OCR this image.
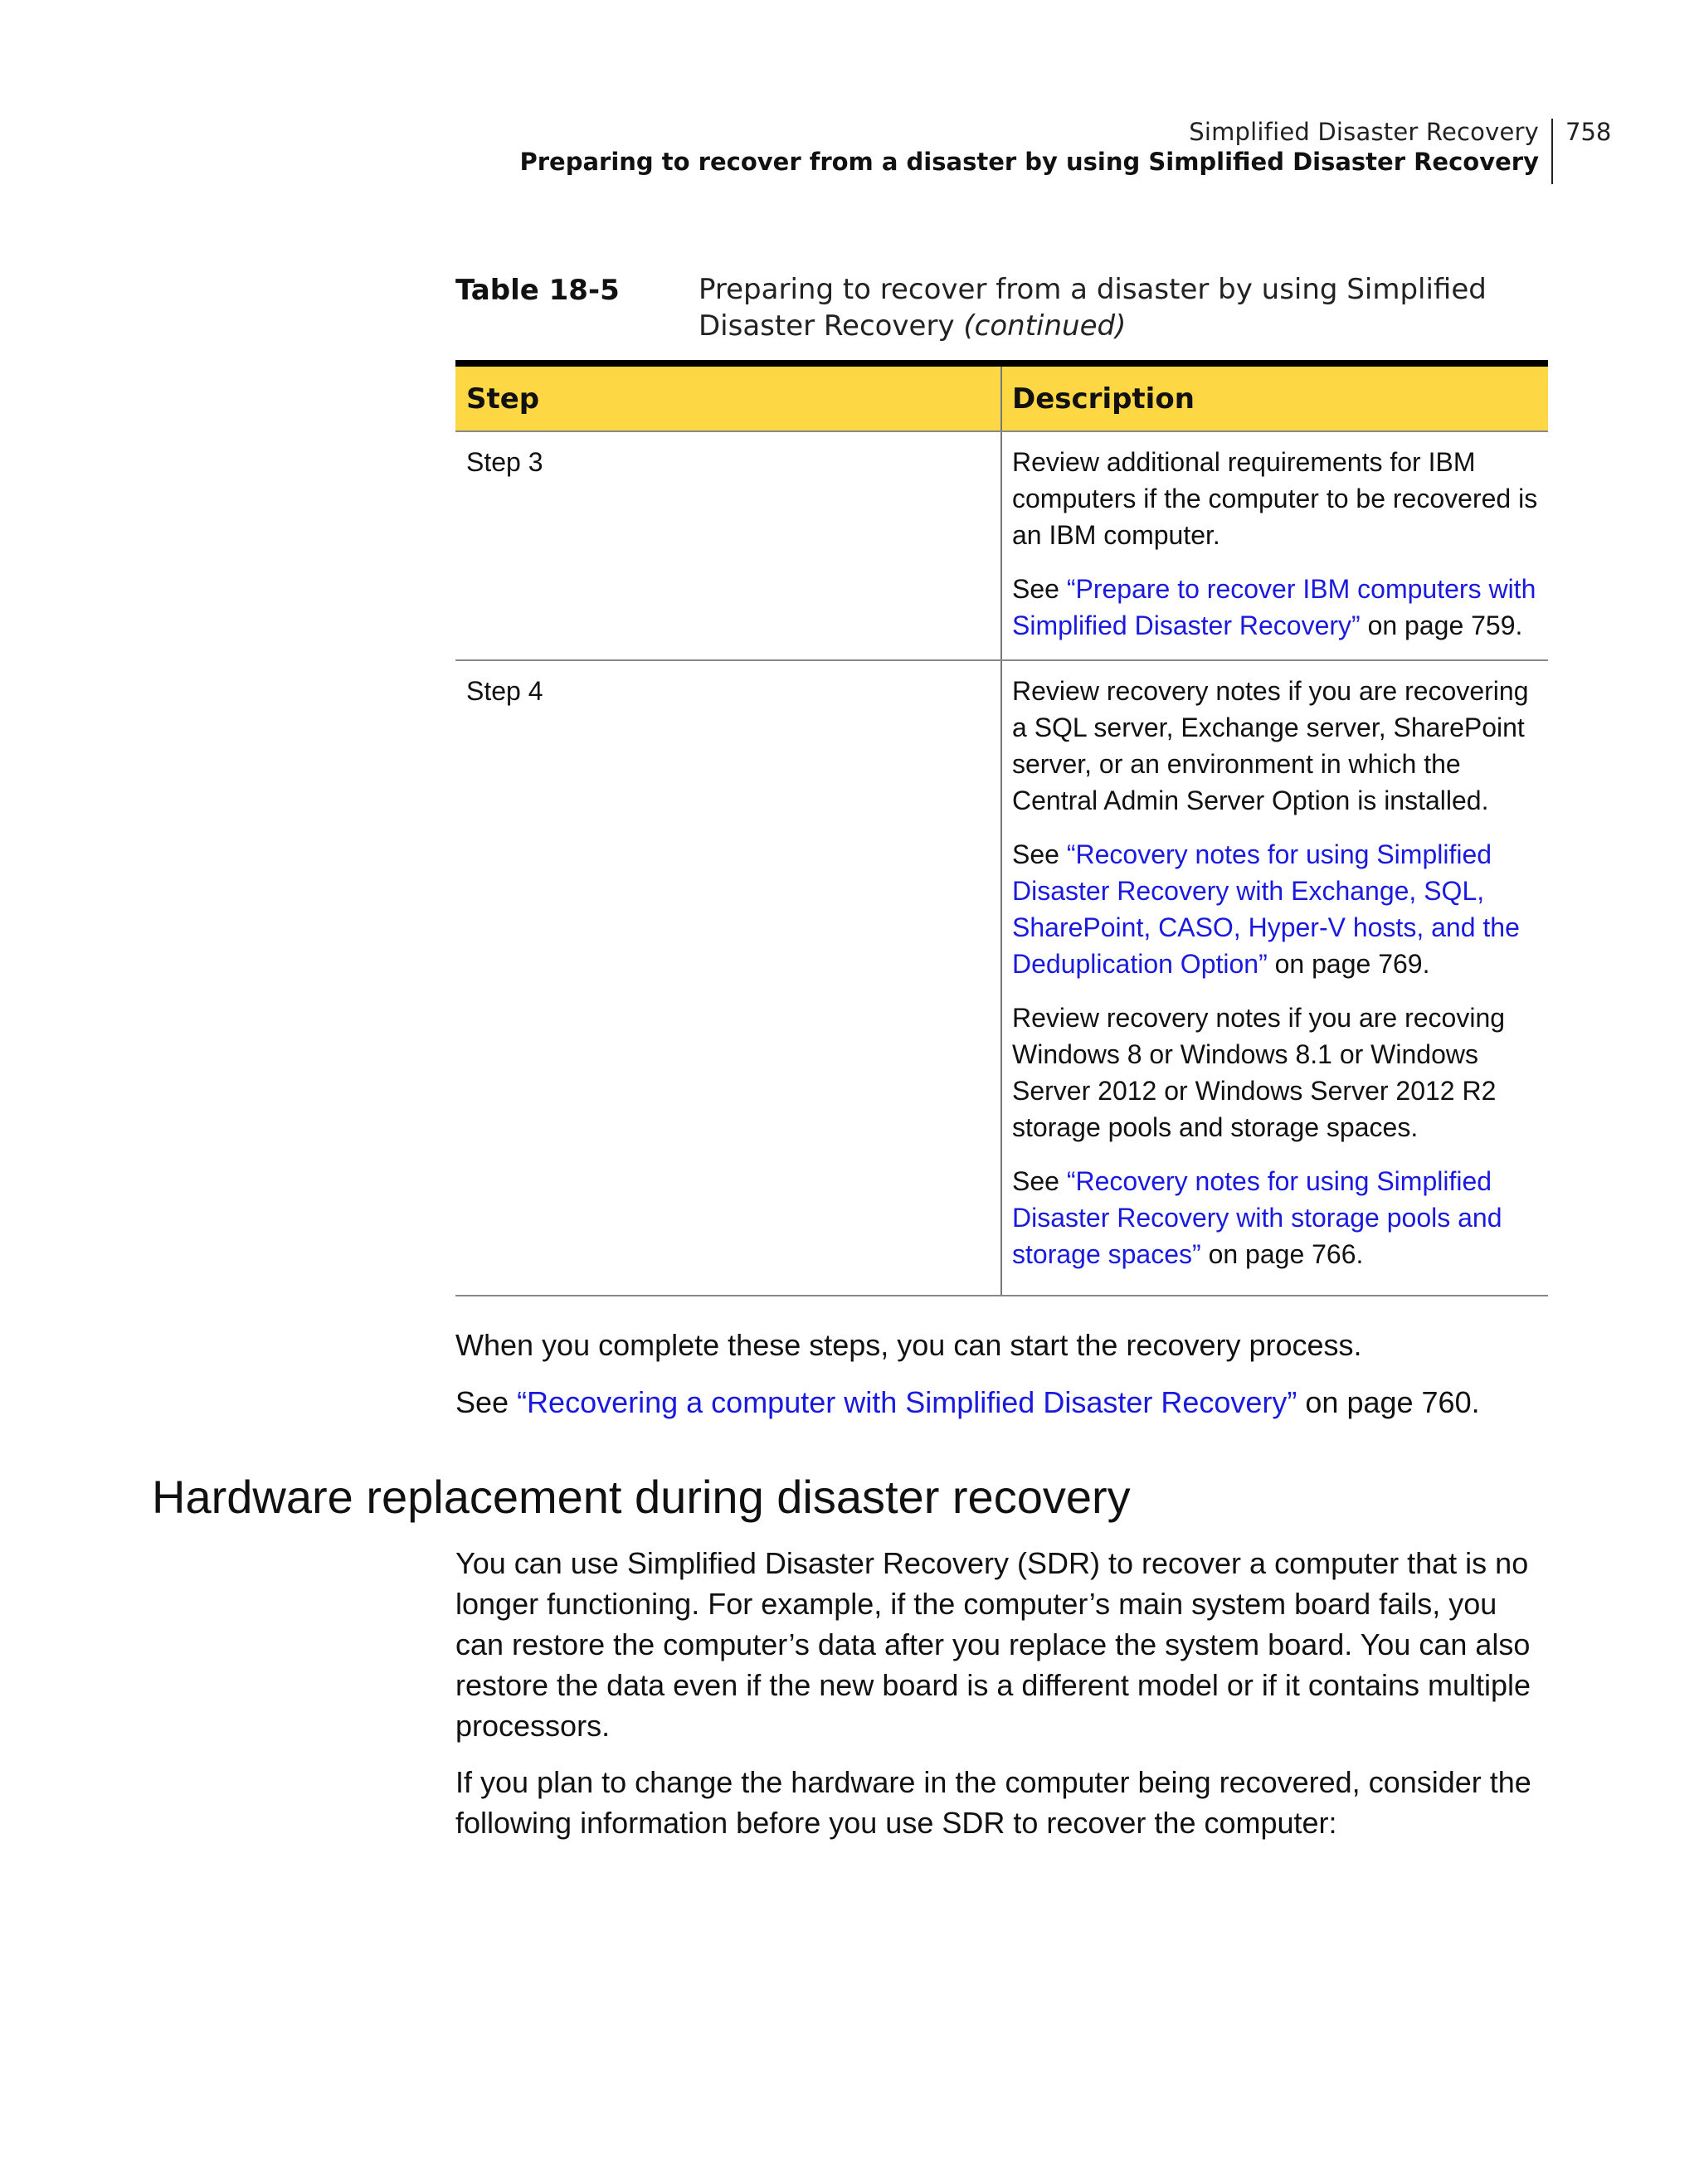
Simplified Disaster Recovery
Preparing to recover from a disaster by using Simplified Disaster Recovery
758
Table 18-5	Preparing to recover from a disaster by using Simplified Disaster Recovery (continued)
Step	Description
Step 3	Review additional requirements for IBM computers if the computer to be recovered is an IBM computer.

See “Prepare to recover IBM computers with Simplified Disaster Recovery” on page 759.

Step 4	Review recovery notes if you are recovering a SQL server, Exchange server, SharePoint server, or an environment in which the Central Admin Server Option is installed.

See “Recovery notes for using Simplified Disaster Recovery with Exchange, SQL, SharePoint, CASO, Hyper-V hosts, and the Deduplication Option” on page 769.

Review recovery notes if you are recoving Windows 8 or Windows 8.1 or Windows Server 2012 or Windows Server 2012 R2 storage pools and storage spaces.

See “Recovery notes for using Simplified Disaster Recovery with storage pools and storage spaces” on page 766.

When you complete these steps, you can start the recovery process.

See “Recovering a computer with Simplified Disaster Recovery” on page 760.

Hardware replacement during disaster recovery

You can use Simplified Disaster Recovery (SDR) to recover a computer that is no longer functioning. For example, if the computer’s main system board fails, you can restore the computer’s data after you replace the system board. You can also restore the data even if the new board is a different model or if it contains multiple processors.

If you plan to change the hardware in the computer being recovered, consider the following information before you use SDR to recover the computer:
